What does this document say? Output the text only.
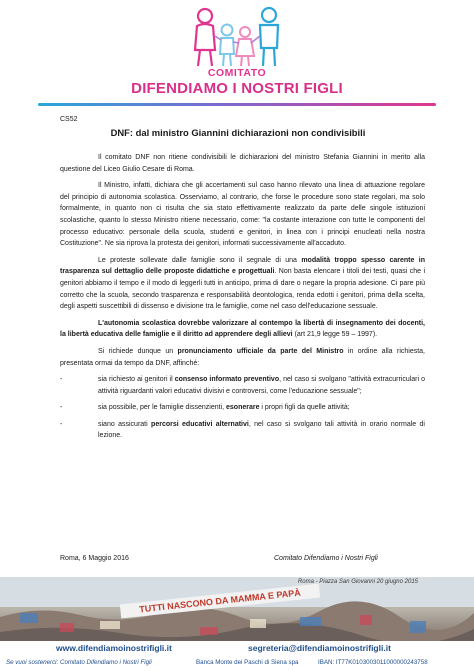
COMITATO
DIFENDIAMO I NOSTRI FIGLI
CS52
DNF: dal ministro Giannini dichiarazioni non condivisibili

Il comitato DNF non ritiene condivisibili le dichiarazioni del ministro Stefania Giannini in merito alla questione del Liceo Giulio Cesare di Roma.

Il Ministro, infatti, dichiara che gli accertamenti sul caso hanno rilevato una linea di attuazione regolare del principio di autonomia scolastica. Osserviamo, al contrario, che forse le procedure sono state regolari, ma solo formalmente, in quanto non ci risulta che sia stato effettivamente realizzato da parte delle singole istituzioni scolastiche, quanto lo stesso Ministro ritiene necessario, come: "la costante interazione con tutte le componenti del processo educativo: personale della scuola, studenti e genitori, in linea con i principi enucleati nella nostra Costituzione". Ne sia riprova la protesta dei genitori, informati successivamente all'accaduto.

Le proteste sollevate dalle famiglie sono il segnale di una modalità troppo spesso carente in trasparenza sul dettaglio delle proposte didattiche e progettuali. Non basta elencare i titoli dei testi, quasi che i genitori abbiamo il tempo e il modo di leggerli tutti in anticipo, prima di dare o negare la propria adesione. Ci pare più corretto che la scuola, secondo trasparenza e responsabilità deontologica, renda edotti i genitori, prima della scelta, degli aspetti suscettibili di dissenso e divisione tra le famiglie, come nel caso dell'educazione sessuale.

L'autonomia scolastica dovrebbe valorizzare al contempo la libertà di insegnamento dei docenti, la libertà educativa delle famiglie e il diritto ad apprendere degli allievi (art 21,9 legge 59 – 1997).

Si richiede dunque un pronunciamento ufficiale da parte del Ministro in ordine alla richiesta, presentata ormai da tempo da DNF, affinché:

-	sia richiesto ai genitori il consenso informato preventivo, nel caso si svolgano "attività extracurriculari o attività riguardanti valori educativi divisivi e controversi, come l'educazione sessuale";
-	sia possibile, per le famiglie dissenzienti, esonerare i propri figli da quelle attività;
-	siano assicurati percorsi educativi alternativi, nel caso si svolgano tali attività in orario normale di lezione.
Roma, 6 Maggio 2016	Comitato Difendiamo i Nostri Figli
TUTTI NASCONO DA MAMMA E PAPÀ
Roma - Piazza San Giovanni 20 giugno 2015
www.difendiamoinostrifigli.it	segreteria@difendiamoinostrifigli.it
Se vuoi sostenerci: Comitato Difendiamo i Nostri Figli	Banca Monte dei Paschi di Siena spa	IBAN: IT77K0103003011000000243758
